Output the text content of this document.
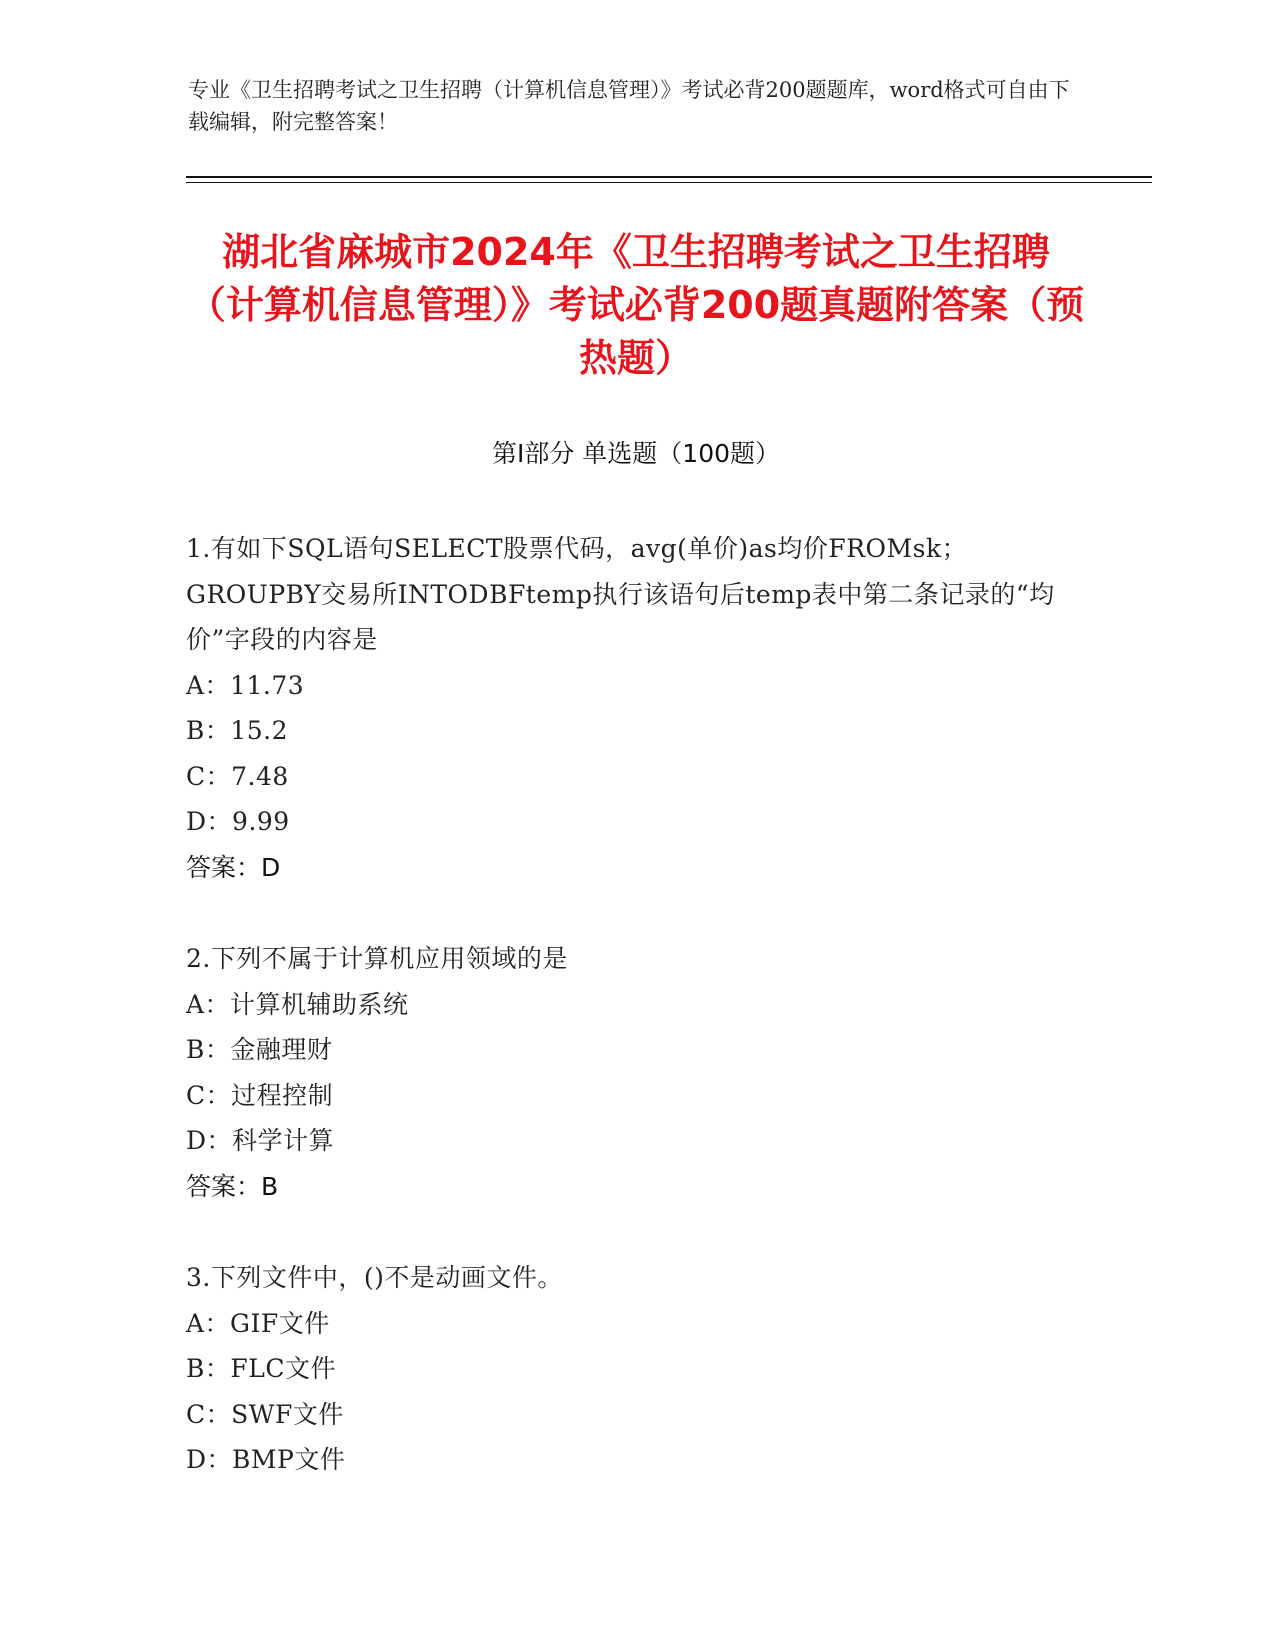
专业《卫生招聘考试之卫生招聘（计算机信息管理）》考试必背200题题库，word格式可自由下载编辑，附完整答案！
湖北省麻城市2024年《卫生招聘考试之卫生招聘（计算机信息管理）》考试必背200题真题附答案（预热题）
第Ⅰ部分 单选题（100题）

1.有如下SQL语句SELECT股票代码，avg(单价)as均价FROMsk；GROUPBY交易所INTODBFtemp执行该语句后temp表中第二条记录的“均价”字段的内容是

A：11.73

B：15.2

C：7.48

D：9.99

答案：D

2.下列不属于计算机应用领域的是

A：计算机辅助系统

B：金融理财

C：过程控制

D：科学计算

答案：B

3.下列文件中，()不是动画文件。

A：GIF文件

B：FLC文件

C：SWF文件

D：BMP文件
